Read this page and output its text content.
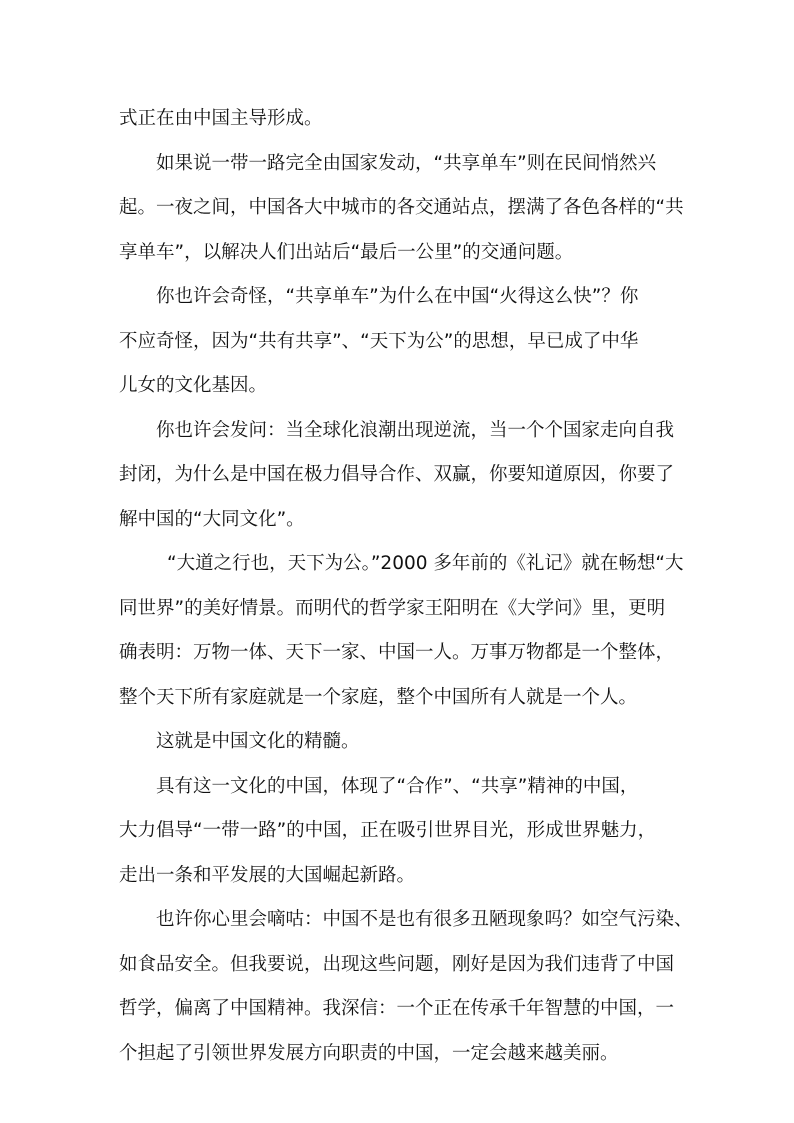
式正在由中国主导形成。
如果说一带一路完全由国家发动，“共享单车”则在民间悄然兴
起。一夜之间，中国各大中城市的各交通站点，摆满了各色各样的“共
享单车”，以解决人们出站后“最后一公里”的交通问题。
你也许会奇怪，“共享单车”为什么在中国“火得这么快”？你
不应奇怪，因为“共有共享”、“天下为公”的思想，早已成了中华
儿女的文化基因。
你也许会发问：当全球化浪潮出现逆流，当一个个国家走向自我
封闭，为什么是中国在极力倡导合作、双赢，你要知道原因，你要了
解中国的“大同文化”。
“大道之行也，天下为公。”2000 多年前的《礼记》就在畅想“大
同世界”的美好情景。而明代的哲学家王阳明在《大学问》里，更明
确表明：万物一体、天下一家、中国一人。万事万物都是一个整体，
整个天下所有家庭就是一个家庭，整个中国所有人就是一个人。
这就是中国文化的精髓。
具有这一文化的中国，体现了“合作”、“共享”精神的中国，
大力倡导“一带一路”的中国，正在吸引世界目光，形成世界魅力，
走出一条和平发展的大国崛起新路。
也许你心里会嘀咕：中国不是也有很多丑陋现象吗？如空气污染、
如食品安全。但我要说，出现这些问题，刚好是因为我们违背了中国
哲学，偏离了中国精神。我深信：一个正在传承千年智慧的中国，一
个担起了引领世界发展方向职责的中国，一定会越来越美丽。
